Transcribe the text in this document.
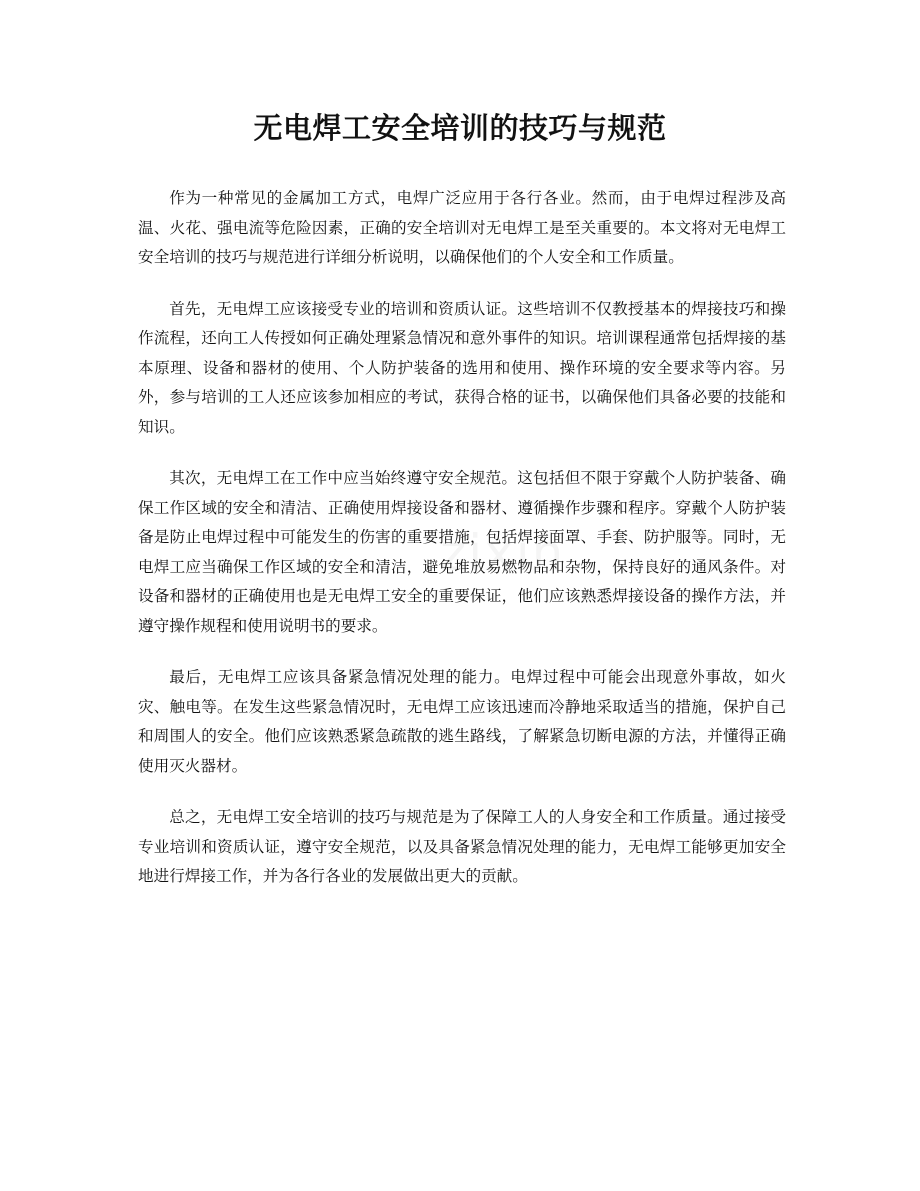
无电焊工安全培训的技巧与规范

作为一种常见的金属加工方式，电焊广泛应用于各行各业。然而，由于电焊过程涉及高温、火花、强电流等危险因素，正确的安全培训对无电焊工是至关重要的。本文将对无电焊工安全培训的技巧与规范进行详细分析说明，以确保他们的个人安全和工作质量。

首先，无电焊工应该接受专业的培训和资质认证。这些培训不仅教授基本的焊接技巧和操作流程，还向工人传授如何正确处理紧急情况和意外事件的知识。培训课程通常包括焊接的基本原理、设备和器材的使用、个人防护装备的选用和使用、操作环境的安全要求等内容。另外，参与培训的工人还应该参加相应的考试，获得合格的证书，以确保他们具备必要的技能和知识。

其次，无电焊工在工作中应当始终遵守安全规范。这包括但不限于穿戴个人防护装备、确保工作区域的安全和清洁、正确使用焊接设备和器材、遵循操作步骤和程序。穿戴个人防护装备是防止电焊过程中可能发生的伤害的重要措施，包括焊接面罩、手套、防护服等。同时，无电焊工应当确保工作区域的安全和清洁，避免堆放易燃物品和杂物，保持良好的通风条件。对设备和器材的正确使用也是无电焊工安全的重要保证，他们应该熟悉焊接设备的操作方法，并遵守操作规程和使用说明书的要求。

最后，无电焊工应该具备紧急情况处理的能力。电焊过程中可能会出现意外事故，如火灾、触电等。在发生这些紧急情况时，无电焊工应该迅速而冷静地采取适当的措施，保护自己和周围人的安全。他们应该熟悉紧急疏散的逃生路线，了解紧急切断电源的方法，并懂得正确使用灭火器材。

总之，无电焊工安全培训的技巧与规范是为了保障工人的人身安全和工作质量。通过接受专业培训和资质认证，遵守安全规范，以及具备紧急情况处理的能力，无电焊工能够更加安全地进行焊接工作，并为各行各业的发展做出更大的贡献。
